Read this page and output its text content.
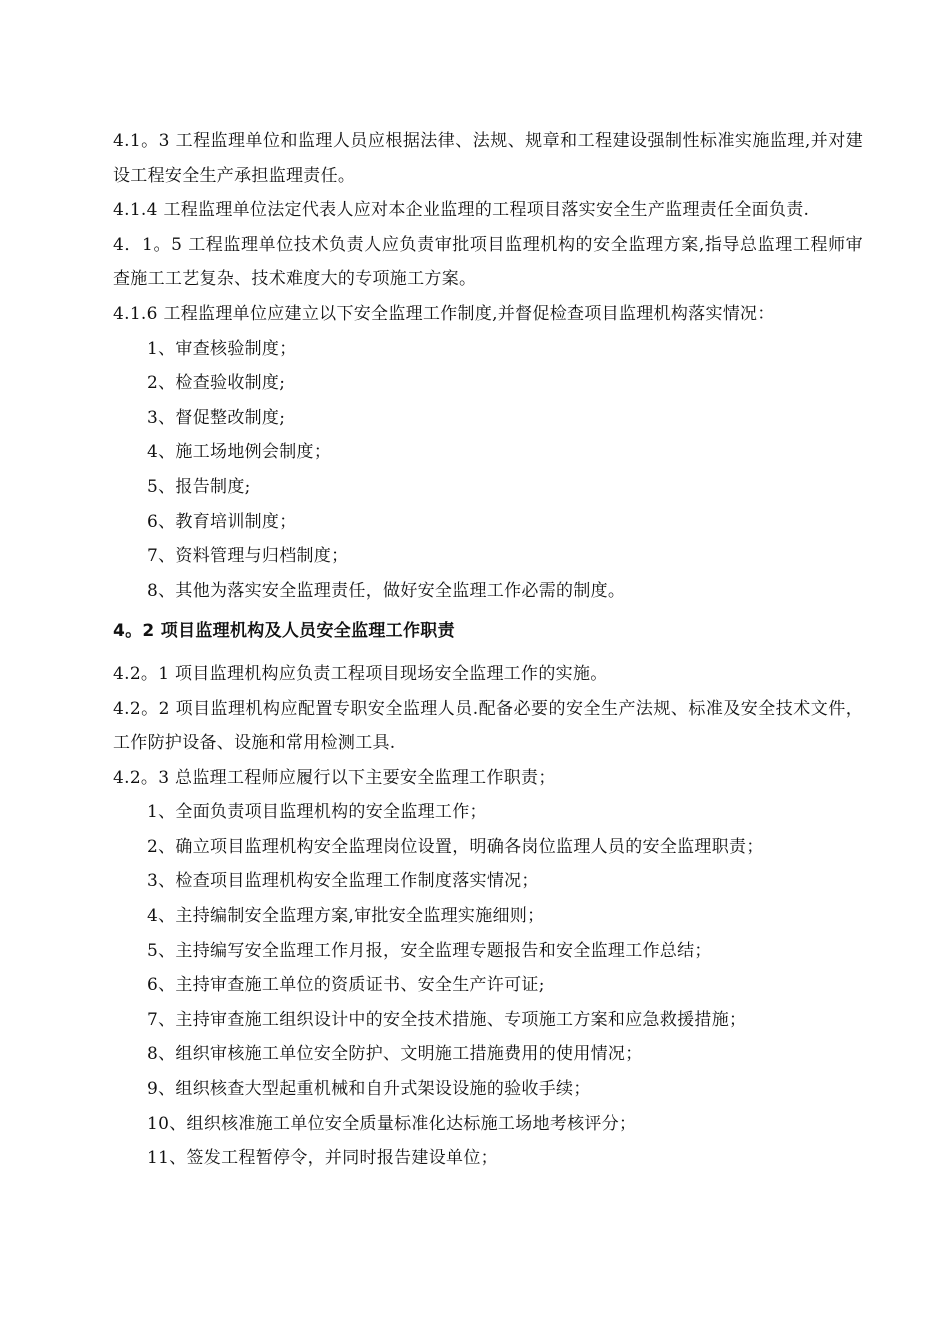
4.1。3 工程监理单位和监理人员应根据法律、法规、规章和工程建设强制性标准实施监理,并对建设工程安全生产承担监理责任。

4.1.4 工程监理单位法定代表人应对本企业监理的工程项目落实安全生产监理责任全面负责.

4．1。5 工程监理单位技术负责人应负责审批项目监理机构的安全监理方案,指导总监理工程师审查施工工艺复杂、技术难度大的专项施工方案。

4.1.6 工程监理单位应建立以下安全监理工作制度,并督促检查项目监理机构落实情况：

1、审查核验制度；

2、检查验收制度;

3、督促整改制度;

4、施工场地例会制度；

5、报告制度;

6、教育培训制度；

7、资料管理与归档制度；

8、其他为落实安全监理责任，做好安全监理工作必需的制度。

4。2 项目监理机构及人员安全监理工作职责

4.2。1 项目监理机构应负责工程项目现场安全监理工作的实施。

4.2。2 项目监理机构应配置专职安全监理人员.配备必要的安全生产法规、标准及安全技术文件，工作防护设备、设施和常用检测工具.

4.2。3 总监理工程师应履行以下主要安全监理工作职责；

1、全面负责项目监理机构的安全监理工作；

2、确立项目监理机构安全监理岗位设置，明确各岗位监理人员的安全监理职责；

3、检查项目监理机构安全监理工作制度落实情况；

4、主持编制安全监理方案,审批安全监理实施细则；

5、主持编写安全监理工作月报，安全监理专题报告和安全监理工作总结；

6、主持审查施工单位的资质证书、安全生产许可证;

7、主持审查施工组织设计中的安全技术措施、专项施工方案和应急救援措施；

8、组织审核施工单位安全防护、文明施工措施费用的使用情况；

9、组织核查大型起重机械和自升式架设设施的验收手续；

10、组织核准施工单位安全质量标准化达标施工场地考核评分；

11、签发工程暂停令，并同时报告建设单位；
